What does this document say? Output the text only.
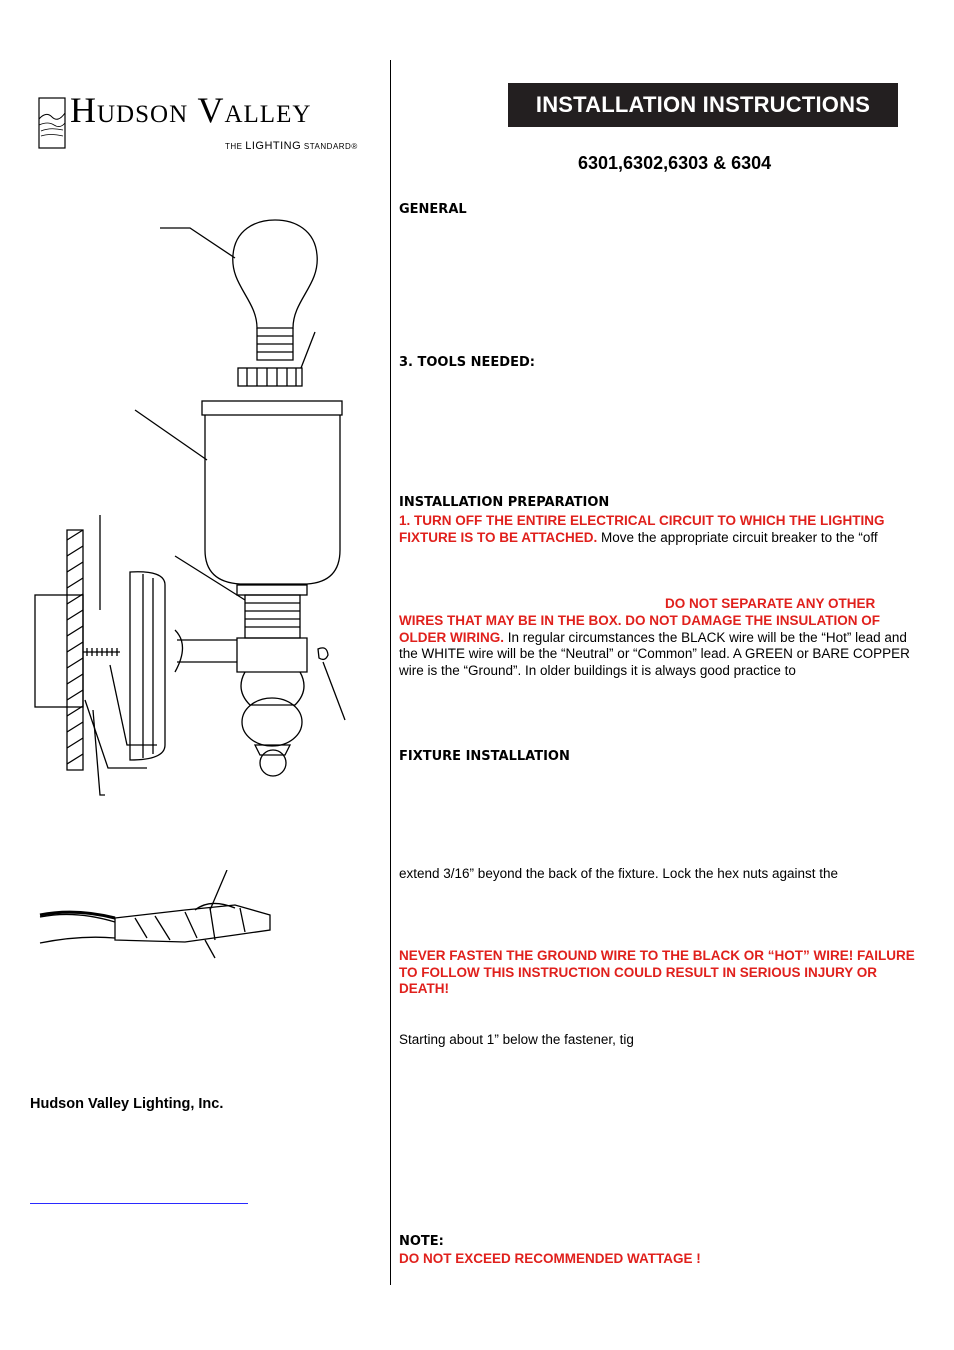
Hudson Valley
THE LIGHTING STANDARD®
INSTALLATION INSTRUCTIONS
6301,6302,6303 & 6304
GENERAL
3. TOOLS NEEDED:
INSTALLATION PREPARATION
1. TURN OFF THE ENTIRE ELECTRICAL CIRCUIT TO WHICH THE LIGHTING FIXTURE IS TO BE ATTACHED. Move the appropriate circuit breaker to the “off
DO NOT SEPARATE ANY OTHER
WIRES THAT MAY BE IN THE BOX. DO NOT DAMAGE THE INSULATION OF OLDER WIRING. In regular circumstances the BLACK wire will be the “Hot” lead and the WHITE wire will be the “Neutral” or “Common” lead. A GREEN or BARE COPPER wire is the “Ground”. In older buildings it is always good practice to
FIXTURE INSTALLATION
extend 3/16” beyond the back of the fixture. Lock the hex nuts against the
NEVER FASTEN THE GROUND WIRE TO THE BLACK OR “HOT” WIRE! FAILURE TO FOLLOW THIS INSTRUCTION COULD RESULT IN SERIOUS INJURY OR DEATH!
Starting about 1” below the fastener, tig
NOTE:
DO NOT EXCEED RECOMMENDED WATTAGE !
Hudson Valley Lighting, Inc.
